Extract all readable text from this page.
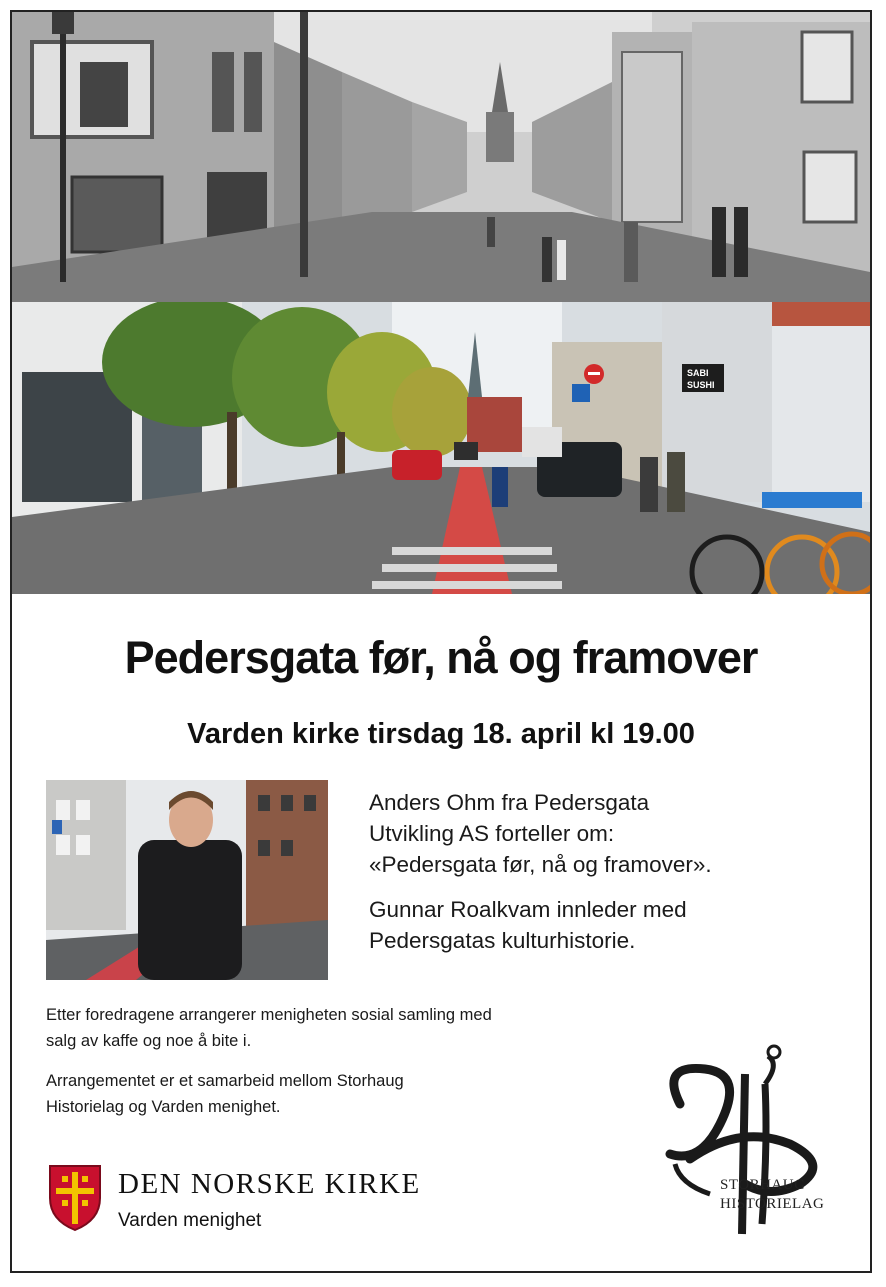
SABI
SUSHI
Pedersgata før, nå og framover
Varden kirke tirsdag 18. april kl 19.00

Anders Ohm fra Pedersgata
Utvikling AS forteller om:
«Pedersgata før, nå og framover».

Gunnar Roalkvam innleder med
Pedersgatas kulturhistorie.

Etter foredragene arrangerer menigheten sosial samling med
salg av kaffe og noe å bite i.

Arrangementet er et samarbeid mellom Storhaug
Historielag og Varden menighet.

DEN NORSKE KIRKE
Varden menighet
STORHAUG
HISTORIELAG
